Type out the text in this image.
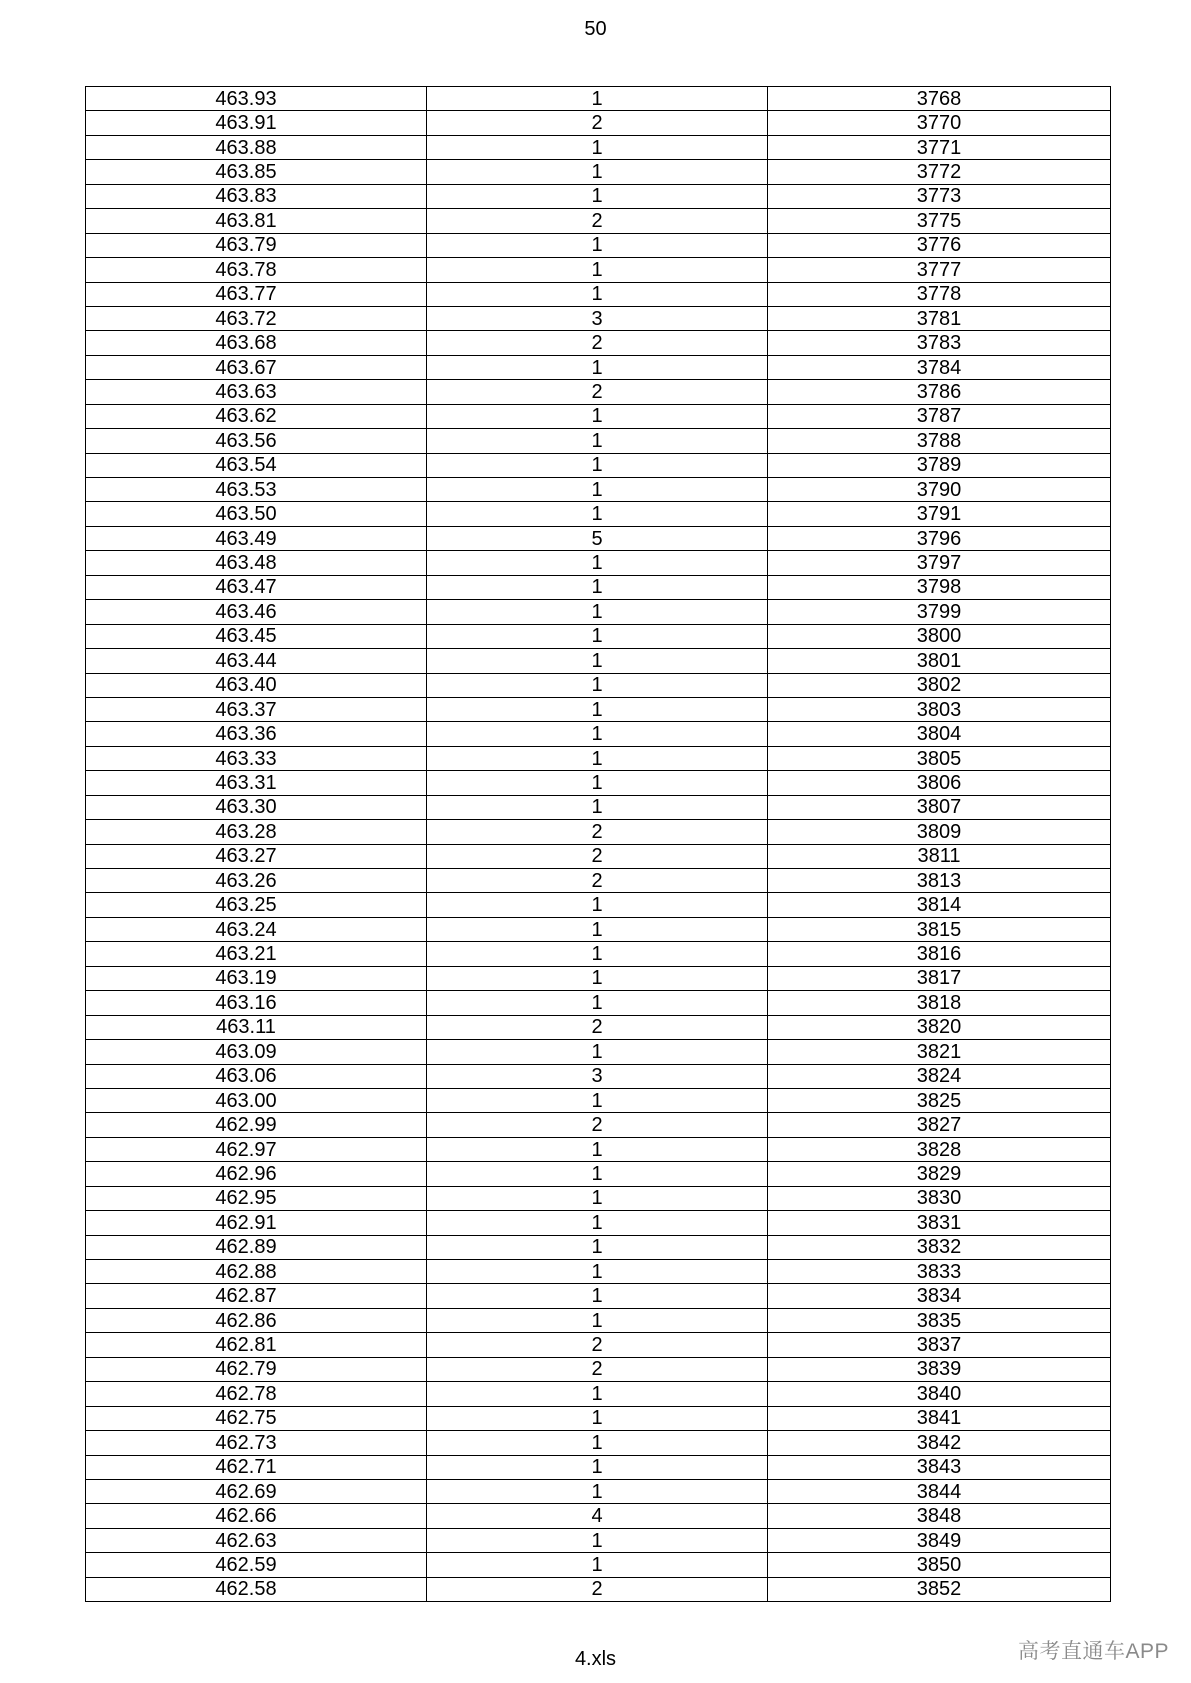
50
463.93	1	3768
463.91	2	3770
463.88	1	3771
463.85	1	3772
463.83	1	3773
463.81	2	3775
463.79	1	3776
463.78	1	3777
463.77	1	3778
463.72	3	3781
463.68	2	3783
463.67	1	3784
463.63	2	3786
463.62	1	3787
463.56	1	3788
463.54	1	3789
463.53	1	3790
463.50	1	3791
463.49	5	3796
463.48	1	3797
463.47	1	3798
463.46	1	3799
463.45	1	3800
463.44	1	3801
463.40	1	3802
463.37	1	3803
463.36	1	3804
463.33	1	3805
463.31	1	3806
463.30	1	3807
463.28	2	3809
463.27	2	3811
463.26	2	3813
463.25	1	3814
463.24	1	3815
463.21	1	3816
463.19	1	3817
463.16	1	3818
463.11	2	3820
463.09	1	3821
463.06	3	3824
463.00	1	3825
462.99	2	3827
462.97	1	3828
462.96	1	3829
462.95	1	3830
462.91	1	3831
462.89	1	3832
462.88	1	3833
462.87	1	3834
462.86	1	3835
462.81	2	3837
462.79	2	3839
462.78	1	3840
462.75	1	3841
462.73	1	3842
462.71	1	3843
462.69	1	3844
462.66	4	3848
462.63	1	3849
462.59	1	3850
462.58	2	3852
4.xls	高考直通车APP
